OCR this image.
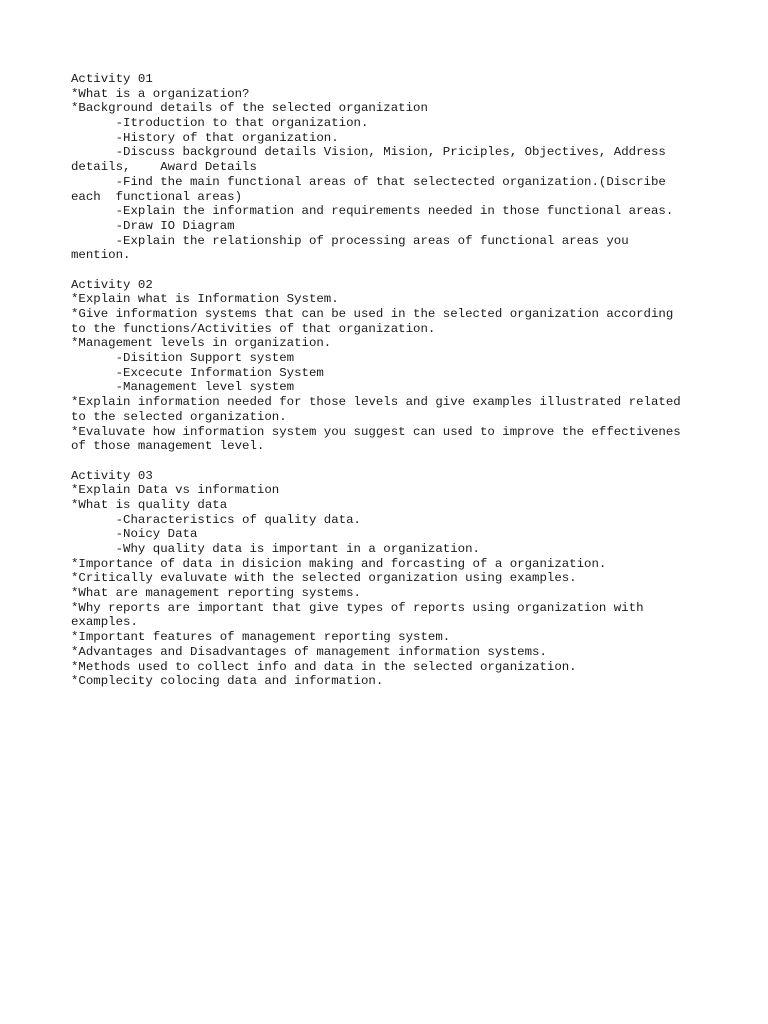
Activity 01
*What is a organization?
*Background details of the selected organization
-Itroduction to that organization.
-History of that organization.
-Discuss background details Vision, Mision, Priciples, Objectives, Address
details,    Award Details
-Find the main functional areas of that selectected organization.(Discribe
each  functional areas)
-Explain the information and requirements needed in those functional areas.
-Draw IO Diagram
-Explain the relationship of processing areas of functional areas you
mention.
Activity 02
*Explain what is Information System.
*Give information systems that can be used in the selected organization according
to the functions/Activities of that organization.
*Management levels in organization.
-Disition Support system
-Excecute Information System
-Management level system
*Explain information needed for those levels and give examples illustrated related
to the selected organization.
*Evaluvate how information system you suggest can used to improve the effectivenes
of those management level.
Activity 03
*Explain Data vs information
*What is quality data
-Characteristics of quality data.
-Noicy Data
-Why quality data is important in a organization.
*Importance of data in disicion making and forcasting of a organization.
*Critically evaluvate with the selected organization using examples.
*What are management reporting systems.
*Why reports are important that give types of reports using organization with
examples.
*Important features of management reporting system.
*Advantages and Disadvantages of management information systems.
*Methods used to collect info and data in the selected organization.
*Complecity colocing data and information.
